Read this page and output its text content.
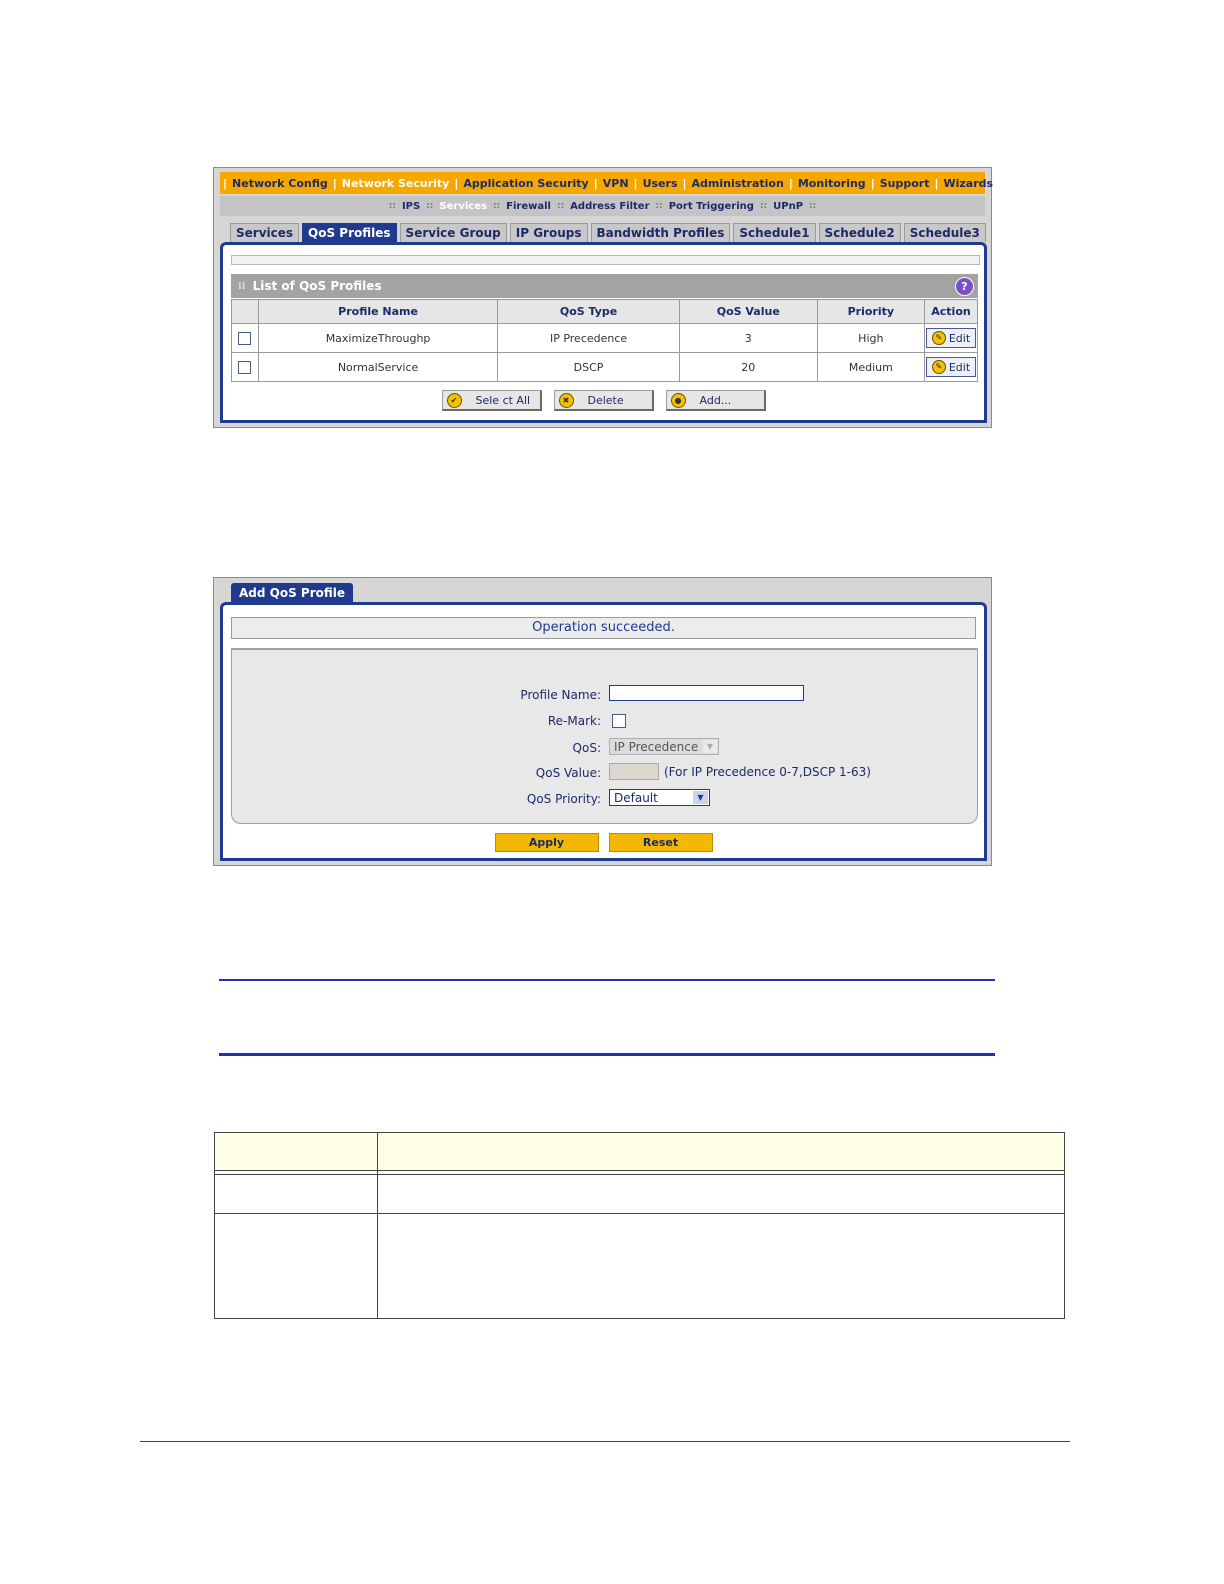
| Network Config | Network Security | Application Security | VPN | Users | Administration | Monitoring | Support | Wizards |
:: IPS :: Services :: Firewall :: Address Filter :: Port Triggering :: UPnP ::
Services	QoS Profiles	Service Group	IP Groups	Bandwidth Profiles	Schedule1	Schedule2	Schedule3
⁞⁞ List of QoS Profiles	?
	Profile Name	QoS Type	QoS Value	Priority	Action
	MaximizeThroughp	IP Precedence	3	High	✎ Edit

	NormalService	DSCP	20	Medium	✎ Edit
✔	Sele ct All	✖	Delete	●	Add...
Add QoS Profile
Operation succeeded.
Profile Name:
Re-Mark:
QoS: IP Precedence	▼
QoS Value:	(For IP Precedence 0-7,DSCP 1-63)
QoS Priority: Default	▼
Apply	Reset
